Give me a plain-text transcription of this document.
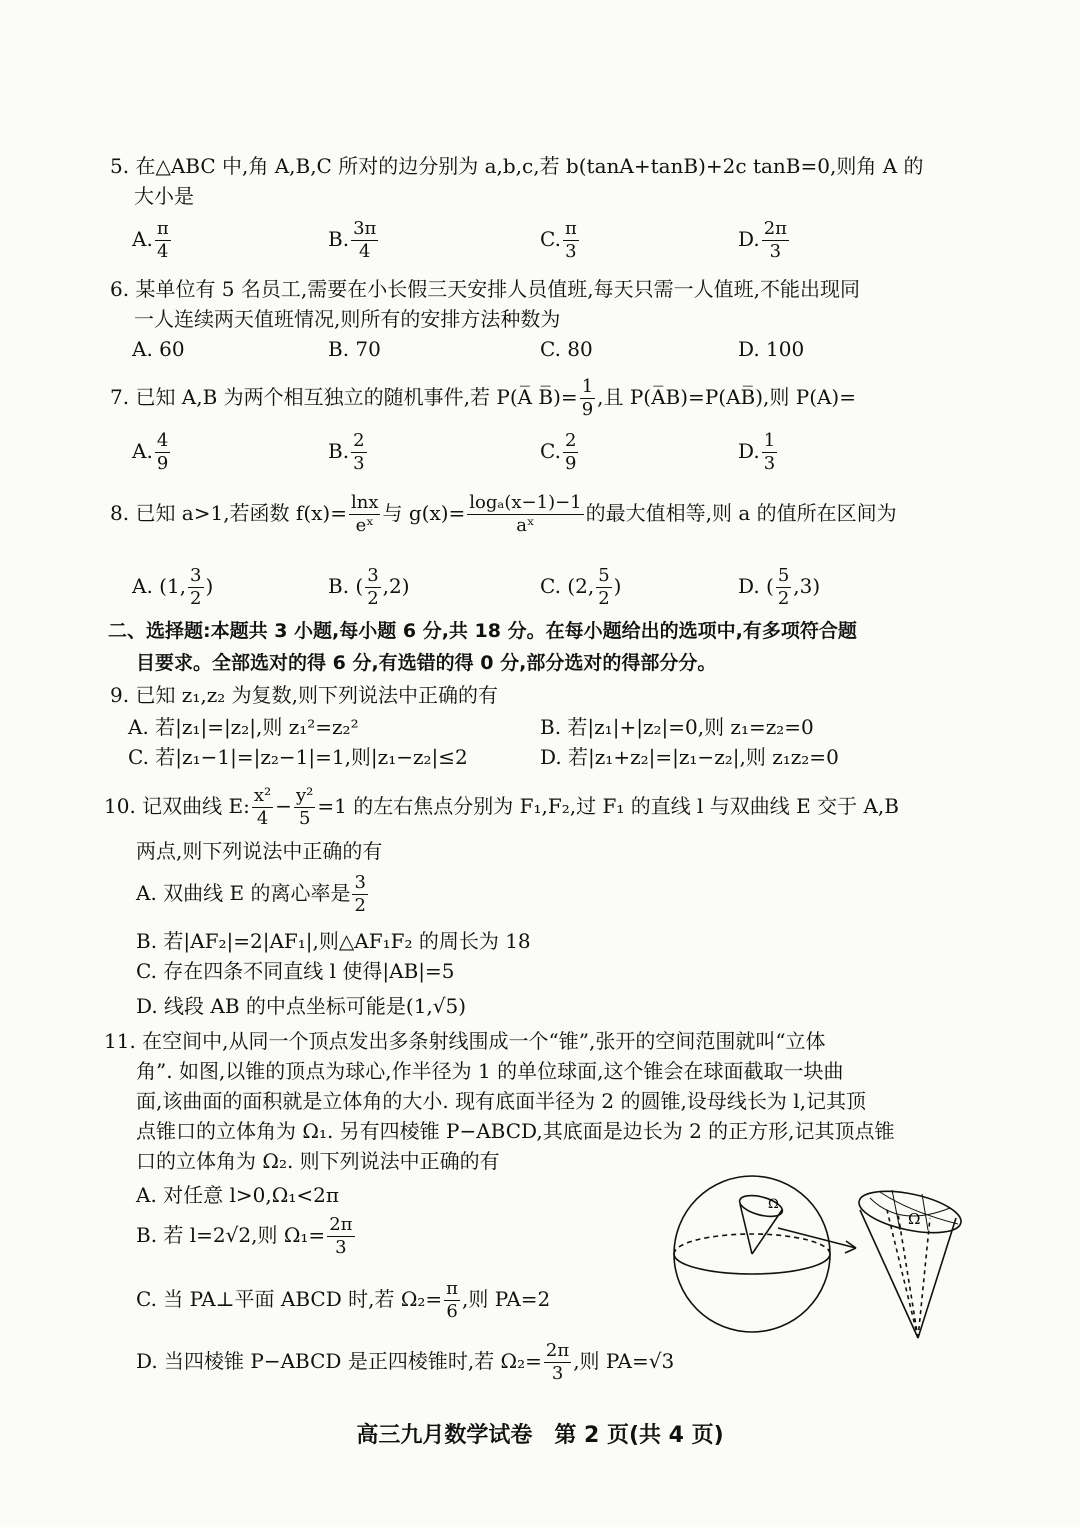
5. 在△ABC 中,角 A,B,C 所对的边分别为 a,b,c,若 b(tanA+tanB)+2c tanB=0,则角 A 的
大小是
A. $\frac{\pi}{4}$	B. $\frac{3\pi}{4}$	C. $\frac{\pi}{3}$	D. $\frac{2\pi}{3}$
6. 某单位有 5 名员工,需要在小长假三天安排人员值班,每天只需一人值班,不能出现同
一人连续两天值班情况,则所有的安排方法种数为
A. 60	B. 70	C. 80	D. 100
7. 已知 A,B 为两个相互独立的随机事件,若 P(A̅ B̅)= $\frac{1}{9}$ ,且 P(A̅B)=P(AB̅),则 P(A)=
A. $\frac{4}{9}$	B. $\frac{2}{3}$	C. $\frac{2}{9}$	D. $\frac{1}{3}$
8. 已知 a>1,若函数 $f(x)= \frac{\ln x}{\text{eˣ}}$ 与 $g(x)= \frac{\text{logₐ(x−1)−1}}{\text{aˣ}}$ 的最大值相等,则 a 的值所在区间为
A. (1, $\frac{3}{2}$ )	B. ( $\frac{3}{2} ,2$)	C. (2, $\frac{5}{2}$ )	D. ( $\frac{5}{2} ,3$)
二、选择题:本题共 3 小题,每小题 6 分,共 18 分。在每小题给出的选项中,有多项符合题
目要求。全部选对的得 6 分,有选错的得 0 分,部分选对的得部分分。
9. 已知 z₁,z₂ 为复数,则下列说法中正确的有
A. 若|z₁|=|z₂|,则 z₁²=z₂²	B. 若|z₁|+|z₂|=0,则 z₁=z₂=0
C. 若|z₁−1|=|z₂−1|=1,则|z₁−z₂|≤2	D. 若|z₁+z₂|=|z₁−z₂|,则 z₁z₂=0
10. 记双曲线 E: $\frac{\text{x²}}{4} - \frac{\text{y²}}{5} =1$ 的左右焦点分别为 F₁,F₂,过 F₁ 的直线 l 与双曲线 E 交于 A,B
两点,则下列说法中正确的有
A. 双曲线 E 的离心率是 $\frac{3}{2}$
B. 若|AF₂|=2|AF₁|,则△AF₁F₂ 的周长为 18
C. 存在四条不同直线 l 使得|AB|=5
D. 线段 AB 的中点坐标可能是(1,√5)
11. 在空间中,从同一个顶点发出多条射线围成一个“锥”,张开的空间范围就叫“立体
角”. 如图,以锥的顶点为球心,作半径为 1 的单位球面,这个锥会在球面截取一块曲
面,该曲面的面积就是立体角的大小. 现有底面半径为 2 的圆锥,设母线长为 l,记其顶
点锥口的立体角为 Ω₁. 另有四棱锥 P−ABCD,其底面是边长为 2 的正方形,记其顶点锥
口的立体角为 Ω₂. 则下列说法中正确的有
A. 对任意 l>0,Ω₁<2π
B. 若 l=2√2,则 $\Omega_1= \frac{2\pi}{3}$
C. 当 PA⊥平面 ABCD 时,若 $\Omega_2= \frac{\pi}{6}$ ,则 PA=2
D. 当四棱锥 P−ABCD 是正四棱锥时,若 $\Omega_2= \frac{2\pi}{3}$ ,则 PA=√3
Ω
Ω
高三九月数学试卷　第 2 页(共 4 页)
